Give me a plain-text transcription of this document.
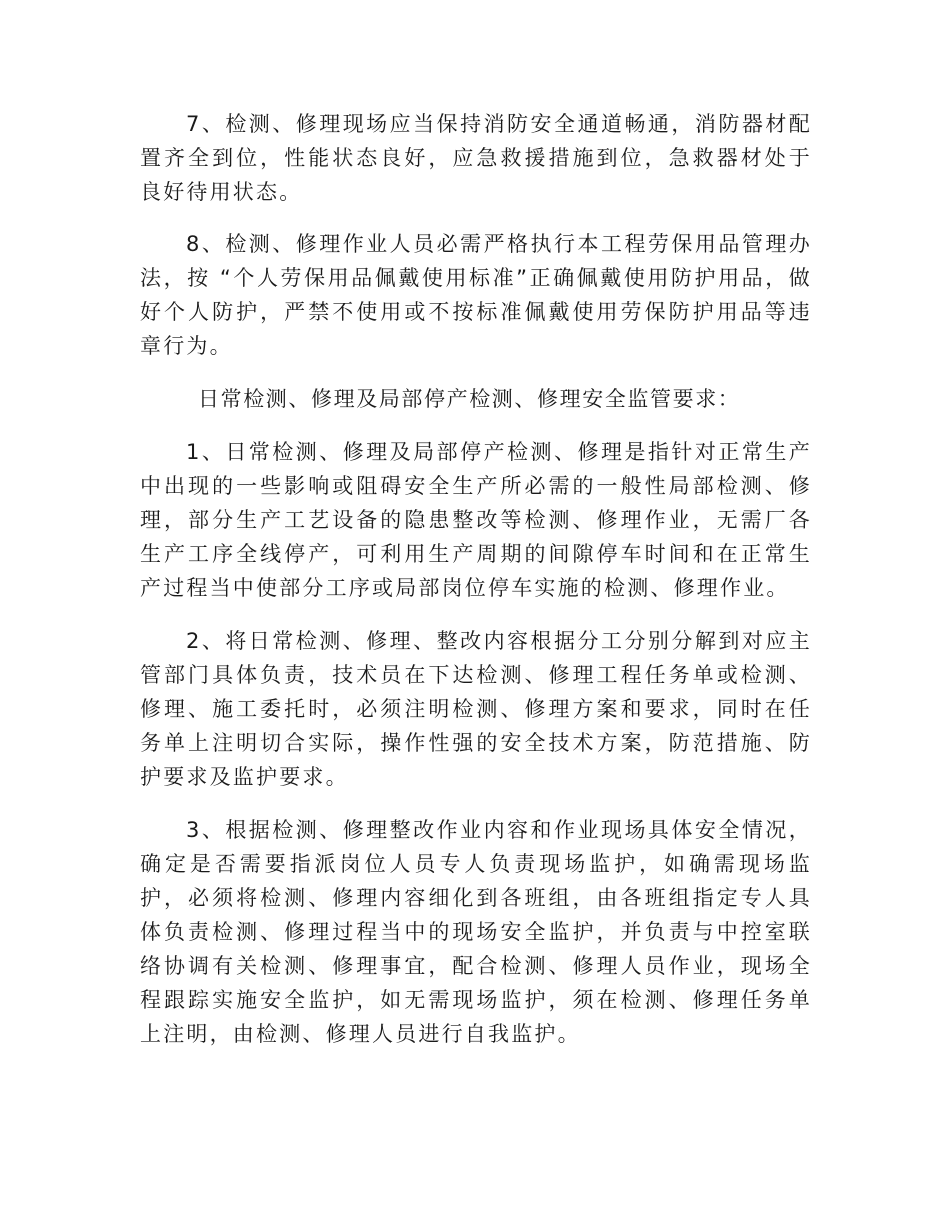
7、检测、修理现场应当保持消防安全通道畅通，消防器材配置齐全到位，性能状态良好，应急救援措施到位，急救器材处于良好待用状态。

8、检测、修理作业人员必需严格执行本工程劳保用品管理办法，按 “个人劳保用品佩戴使用标准”正确佩戴使用防护用品，做好个人防护，严禁不使用或不按标准佩戴使用劳保防护用品等违章行为。

日常检测、修理及局部停产检测、修理安全监管要求：

1、日常检测、修理及局部停产检测、修理是指针对正常生产中出现的一些影响或阻碍安全生产所必需的一般性局部检测、修理，部分生产工艺设备的隐患整改等检测、修理作业，无需厂各生产工序全线停产，可利用生产周期的间隙停车时间和在正常生产过程当中使部分工序或局部岗位停车实施的检测、修理作业。

2、将日常检测、修理、整改内容根据分工分别分解到对应主管部门具体负责，技术员在下达检测、修理工程任务单或检测、修理、施工委托时，必须注明检测、修理方案和要求，同时在任务单上注明切合实际，操作性强的安全技术方案，防范措施、防护要求及监护要求。

3、根据检测、修理整改作业内容和作业现场具体安全情况，确定是否需要指派岗位人员专人负责现场监护，如确需现场监护，必须将检测、修理内容细化到各班组，由各班组指定专人具体负责检测、修理过程当中的现场安全监护，并负责与中控室联络协调有关检测、修理事宜，配合检测、修理人员作业，现场全程跟踪实施安全监护，如无需现场监护，须在检测、修理任务单上注明，由检测、修理人员进行自我监护。
